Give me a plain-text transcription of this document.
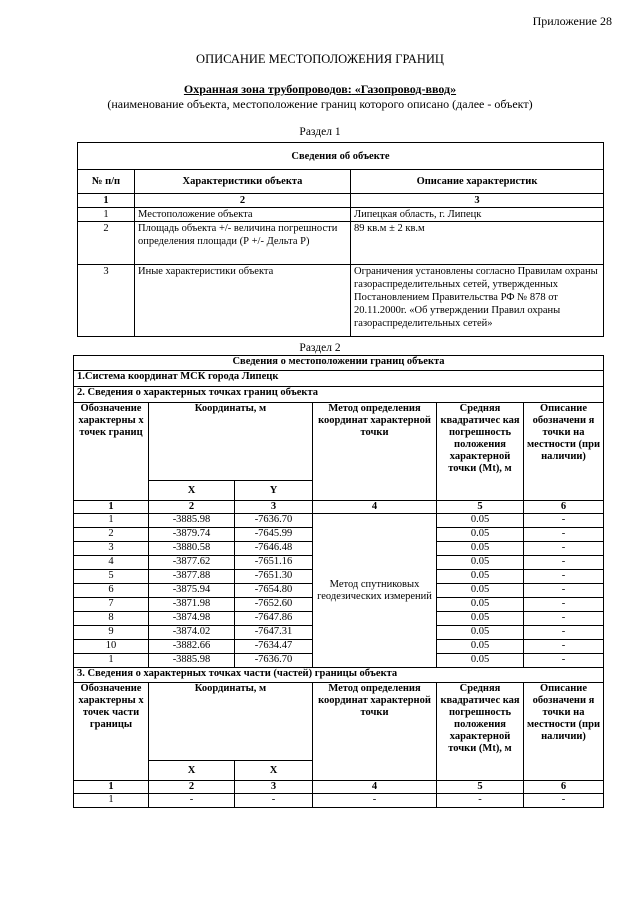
Приложение 28
ОПИСАНИЕ МЕСТОПОЛОЖЕНИЯ ГРАНИЦ
Охранная зона трубопроводов: «Газопровод-ввод»
(наименование объекта, местоположение границ которого описано (далее - объект)
Раздел 1
Сведения об объекте		
№ п/п	Характеристики объекта	Описание характеристик
1	2	3
1	Местоположение объекта	Липецкая область, г. Липецк
2	Площадь объекта +/- величина погрешности определения площади (Р +/- Дельта Р)	89 кв.м ± 2 кв.м
3	Иные характеристики объекта	Ограничения установлены согласно Правилам охраны газораспределительных сетей, утвержденных Постановлением Правительства РФ № 878 от 20.11.2000г. «Об утверждении Правил охраны газораспределительных сетей»
Раздел 2
Сведения о местоположении границ объекта					
1.Система координат МСК города Липецк					
2. Сведения о характерных точках границ объекта					
Обозначение характерны х точек границ	Координаты, м		Метод определения координат характерной точки	Средняя квадратичес кая погрешность положения характерной точки (Mt), м	Описание обозначени я точки на местности (при наличии)
	X	Y			
1	2	3	4	5	6
1	-3885.98	-7636.70	Метод спутниковых геодезических измерений	0.05	-
2	-3879.74	-7645.99		0.05	-
3	-3880.58	-7646.48		0.05	-
4	-3877.62	-7651.16		0.05	-
5	-3877.88	-7651.30		0.05	-
6	-3875.94	-7654.80		0.05	-
7	-3871.98	-7652.60		0.05	-
8	-3874.98	-7647.86		0.05	-
9	-3874.02	-7647.31		0.05	-
10	-3882.66	-7634.47		0.05	-
1	-3885.98	-7636.70		0.05	-
3. Сведения о характерных точках части (частей) границы объекта					
Обозначение характерны х точек части границы	Координаты, м		Метод определения координат характерной точки	Средняя квадратичес кая погрешность положения характерной точки (Mt), м	Описание обозначени я точки на местности (при наличии)
	X	X			
1	2	3	4	5	6
1	-	-	-	-	-
